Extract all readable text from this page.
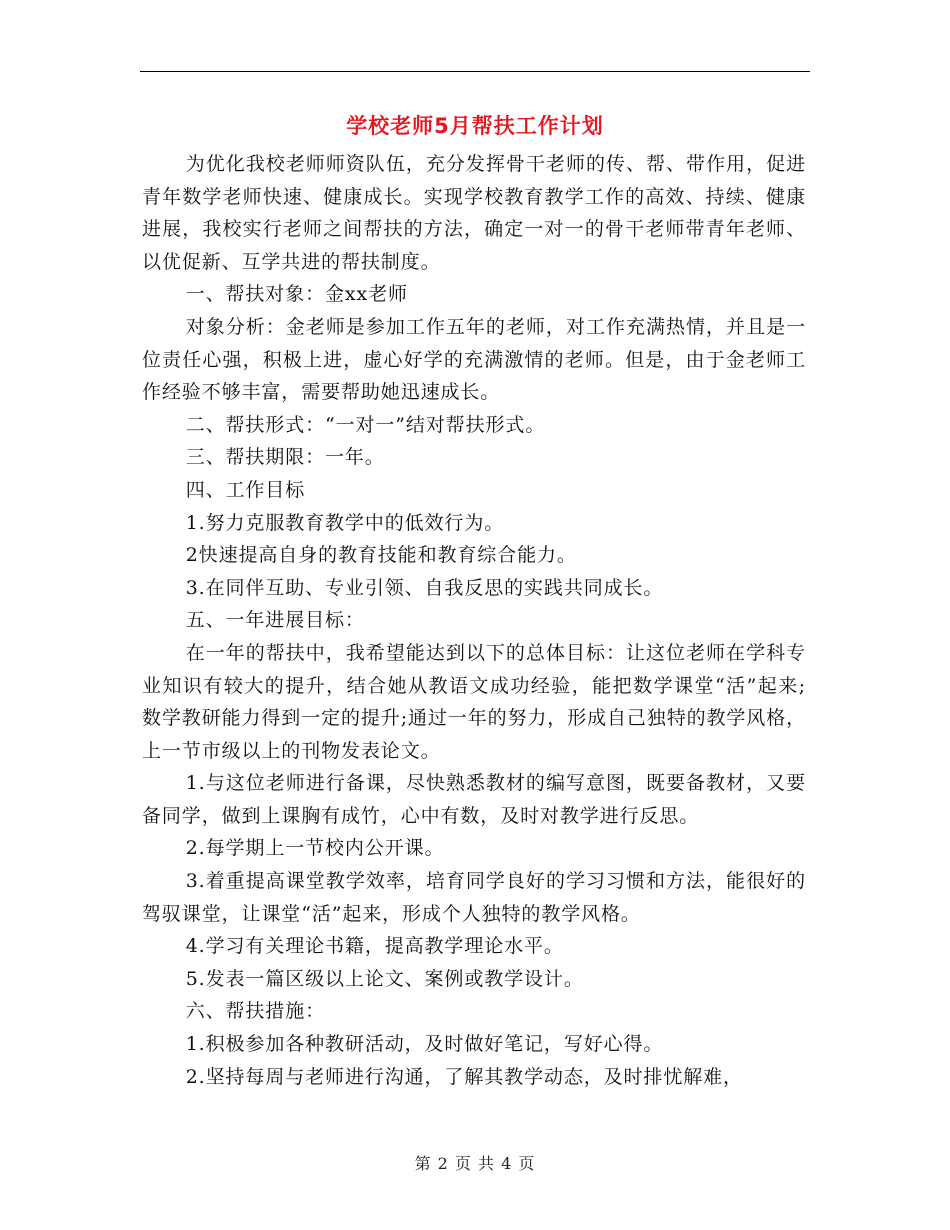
学校老师5月帮扶工作计划

为优化我校老师师资队伍，充分发挥骨干老师的传、帮、带作用，促进青年数学老师快速、健康成长。实现学校教育教学工作的高效、持续、健康进展，我校实行老师之间帮扶的方法，确定一对一的骨干老师带青年老师、以优促新、互学共进的帮扶制度。

一、帮扶对象：金xx老师

对象分析：金老师是参加工作五年的老师，对工作充满热情，并且是一位责任心强，积极上进，虚心好学的充满激情的老师。但是，由于金老师工作经验不够丰富，需要帮助她迅速成长。

二、帮扶形式：“一对一”结对帮扶形式。

三、帮扶期限：一年。

四、工作目标

1.努力克服教育教学中的低效行为。

2快速提高自身的教育技能和教育综合能力。

3.在同伴互助、专业引领、自我反思的实践共同成长。

五、一年进展目标：

在一年的帮扶中，我希望能达到以下的总体目标：让这位老师在学科专业知识有较大的提升，结合她从教语文成功经验，能把数学课堂“活”起来;数学教研能力得到一定的提升;通过一年的努力，形成自己独特的教学风格，上一节市级以上的刊物发表论文。

1.与这位老师进行备课，尽快熟悉教材的编写意图，既要备教材，又要备同学，做到上课胸有成竹，心中有数，及时对教学进行反思。

2.每学期上一节校内公开课。

3.着重提高课堂教学效率，培育同学良好的学习习惯和方法，能很好的驾驭课堂，让课堂“活”起来，形成个人独特的教学风格。

4.学习有关理论书籍，提高教学理论水平。

5.发表一篇区级以上论文、案例或教学设计。

六、帮扶措施：

1.积极参加各种教研活动，及时做好笔记，写好心得。

2.坚持每周与老师进行沟通，了解其教学动态，及时排忧解难，

第 2 页 共 4 页
